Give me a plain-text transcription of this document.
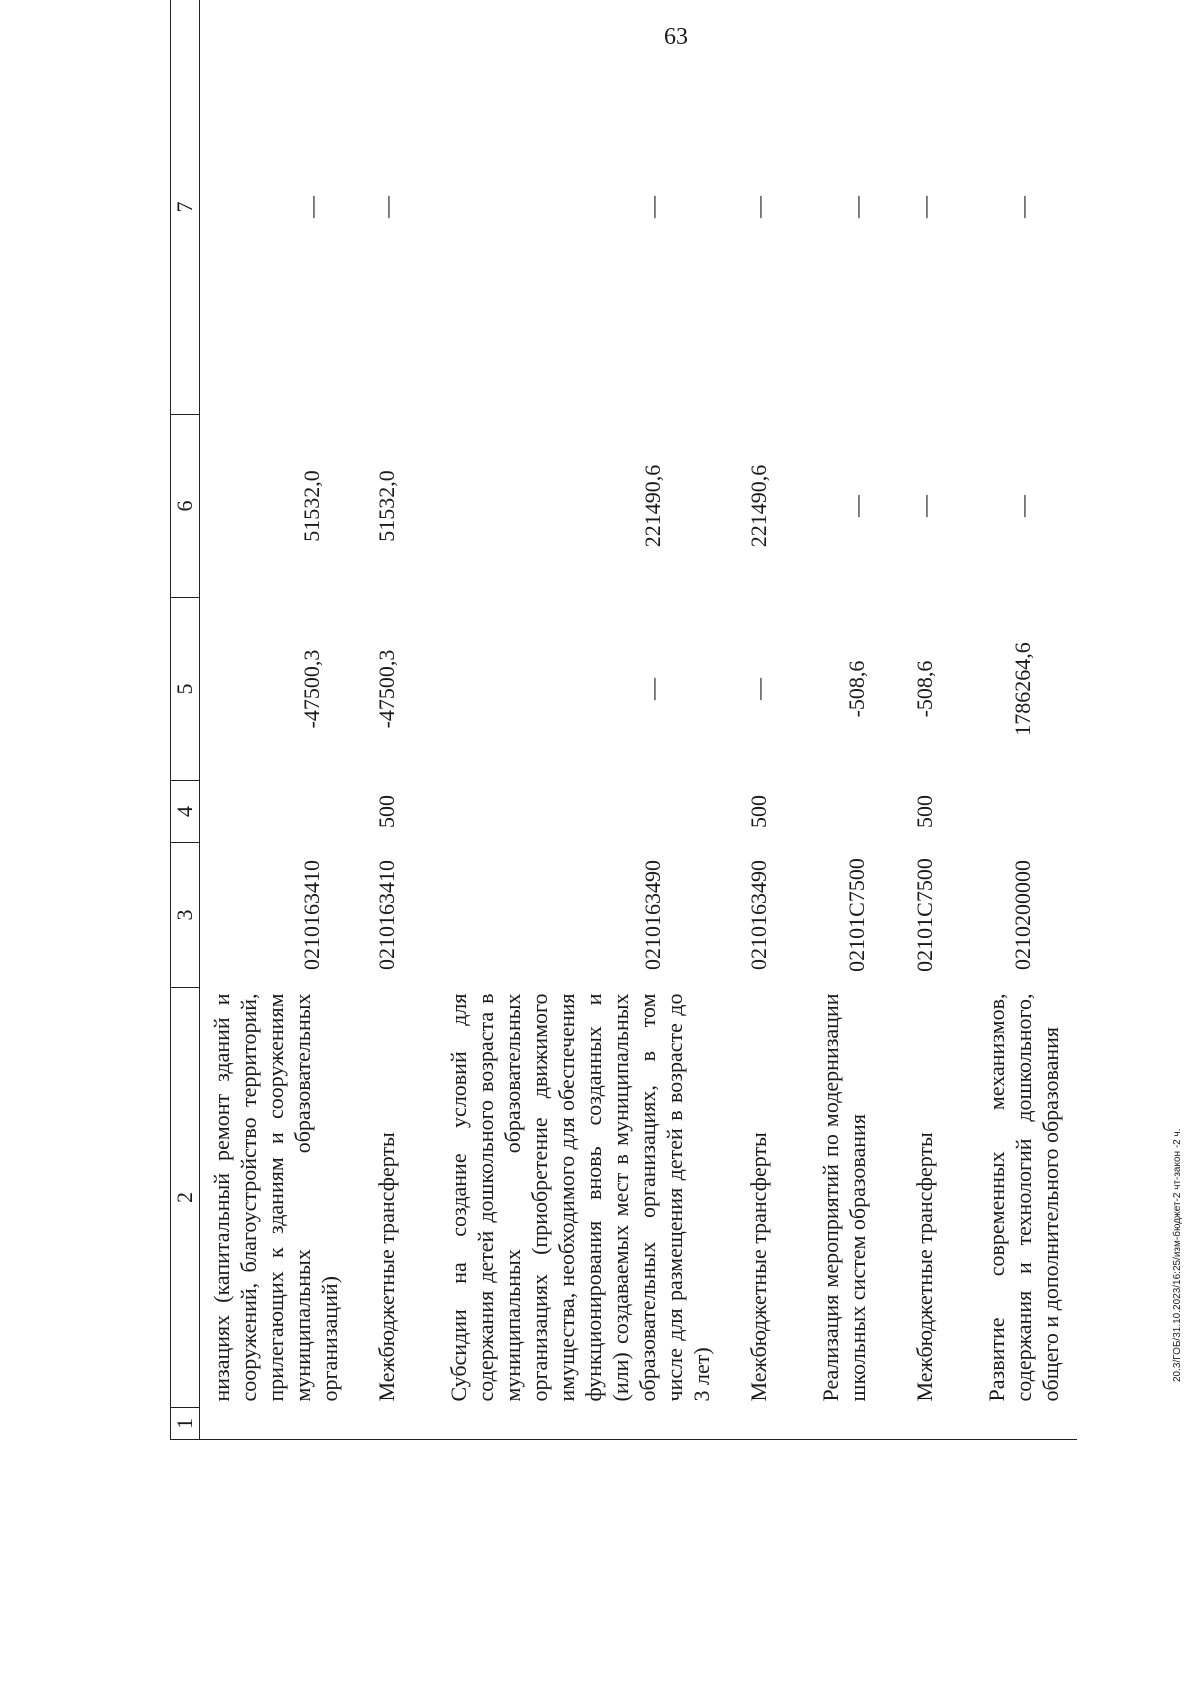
63
1	2	3	4	5	6	7
	низациях (капитальный ремонт зданий и сооружений, благоустройство территорий, прилегающих к зданиям и сооружениям муниципальных образовательных организаций)	0210163410		-47500,3	51532,0	—
	Межбюджетные трансферты	0210163410	500	-47500,3	51532,0	—
	Субсидии на создание условий для содержания детей дошкольного возраста в муниципальных образовательных организациях (приобретение движимого имущества, необходимого для обеспечения функционирования вновь созданных и (или) создаваемых мест в муниципальных образовательных организациях, в том числе для размещения детей в возрасте до 3 лет)	0210163490		—	221490,6	—
	Межбюджетные трансферты	0210163490	500	—	221490,6	—
	Реализация мероприятий по модернизации школьных систем образования	02101C7500		-508,6	—	—
	Межбюджетные трансферты	02101C7500	500	-508,6	—	—
	Развитие современных механизмов, содержания и технологий дошкольного, общего и дополнительного образования	0210200000		1786264,6	—	—
20.3/ГОБ/31.10.2023/16:25/изм-бюджет-2 чт-закон -2 ч.
